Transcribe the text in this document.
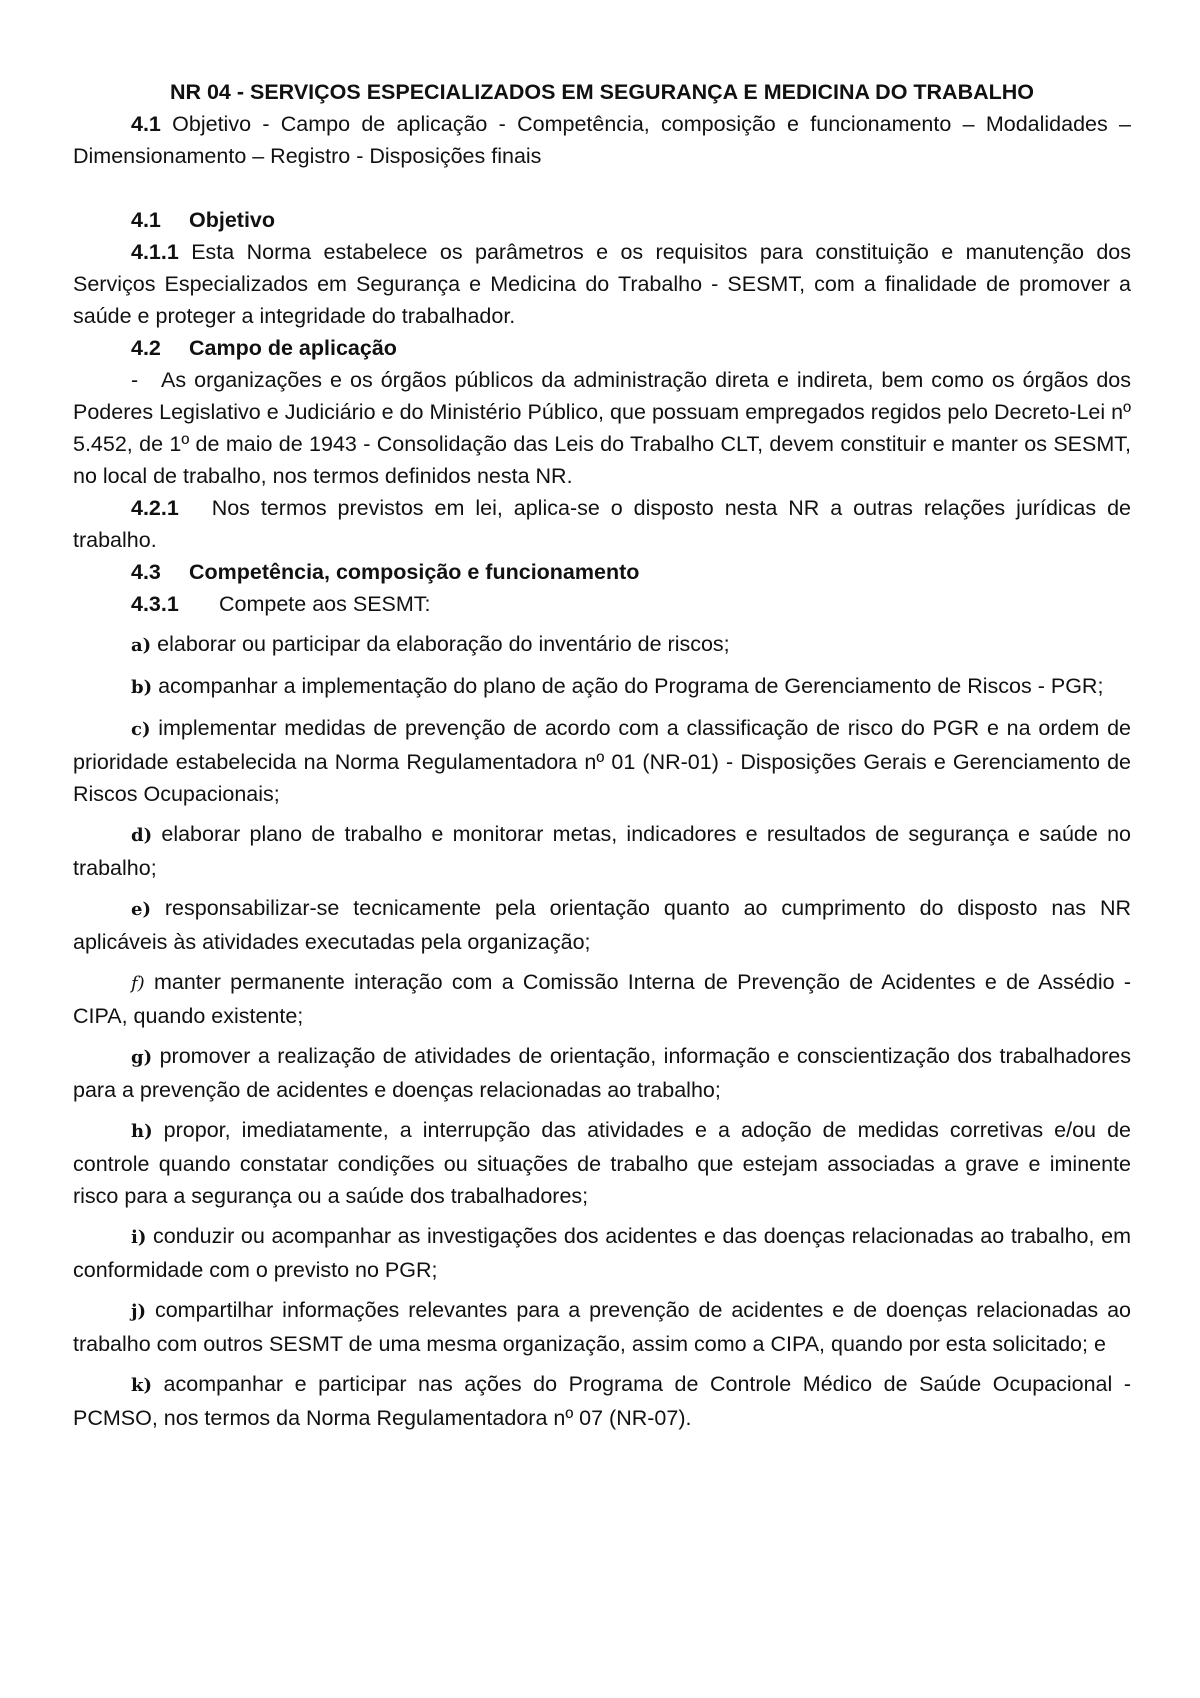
NR 04 - SERVIÇOS ESPECIALIZADOS EM SEGURANÇA E MEDICINA DO TRABALHO

4.1 Objetivo - Campo de aplicação - Competência, composição e funcionamento – Modalidades – Dimensionamento – Registro - Disposições finais

4.1 Objetivo

4.1.1 Esta Norma estabelece os parâmetros e os requisitos para constituição e manutenção dos Serviços Especializados em Segurança e Medicina do Trabalho - SESMT, com a finalidade de promover a saúde e proteger a integridade do trabalhador.

4.2 Campo de aplicação

-   As organizações e os órgãos públicos da administração direta e indireta, bem como os órgãos dos Poderes Legislativo e Judiciário e do Ministério Público, que possuam empregados regidos pelo Decreto-Lei nº 5.452, de 1º de maio de 1943 - Consolidação das Leis do Trabalho CLT, devem constituir e manter os SESMT, no local de trabalho, nos termos definidos nesta NR.

4.2.1 Nos termos previstos em lei, aplica-se o disposto nesta NR a outras relações jurídicas de trabalho.

4.3 Competência, composição e funcionamento

4.3.1 Compete aos SESMT:

a) elaborar ou participar da elaboração do inventário de riscos;

b) acompanhar a implementação do plano de ação do Programa de Gerenciamento de Riscos - PGR;

c) implementar medidas de prevenção de acordo com a classificação de risco do PGR e na ordem de prioridade estabelecida na Norma Regulamentadora nº 01 (NR-01) - Disposições Gerais e Gerenciamento de Riscos Ocupacionais;

d) elaborar plano de trabalho e monitorar metas, indicadores e resultados de segurança e saúde no trabalho;

e) responsabilizar-se tecnicamente pela orientação quanto ao cumprimento do disposto nas NR aplicáveis às atividades executadas pela organização;

f) manter permanente interação com a Comissão Interna de Prevenção de Acidentes e de Assédio - CIPA, quando existente;

g) promover a realização de atividades de orientação, informação e conscientização dos trabalhadores para a prevenção de acidentes e doenças relacionadas ao trabalho;

h) propor, imediatamente, a interrupção das atividades e a adoção de medidas corretivas e/ou de controle quando constatar condições ou situações de trabalho que estejam associadas a grave e iminente risco para a segurança ou a saúde dos trabalhadores;

i) conduzir ou acompanhar as investigações dos acidentes e das doenças relacionadas ao trabalho, em conformidade com o previsto no PGR;

j) compartilhar informações relevantes para a prevenção de acidentes e de doenças relacionadas ao trabalho com outros SESMT de uma mesma organização, assim como a CIPA, quando por esta solicitado; e

k) acompanhar e participar nas ações do Programa de Controle Médico de Saúde Ocupacional - PCMSO, nos termos da Norma Regulamentadora nº 07 (NR-07).
